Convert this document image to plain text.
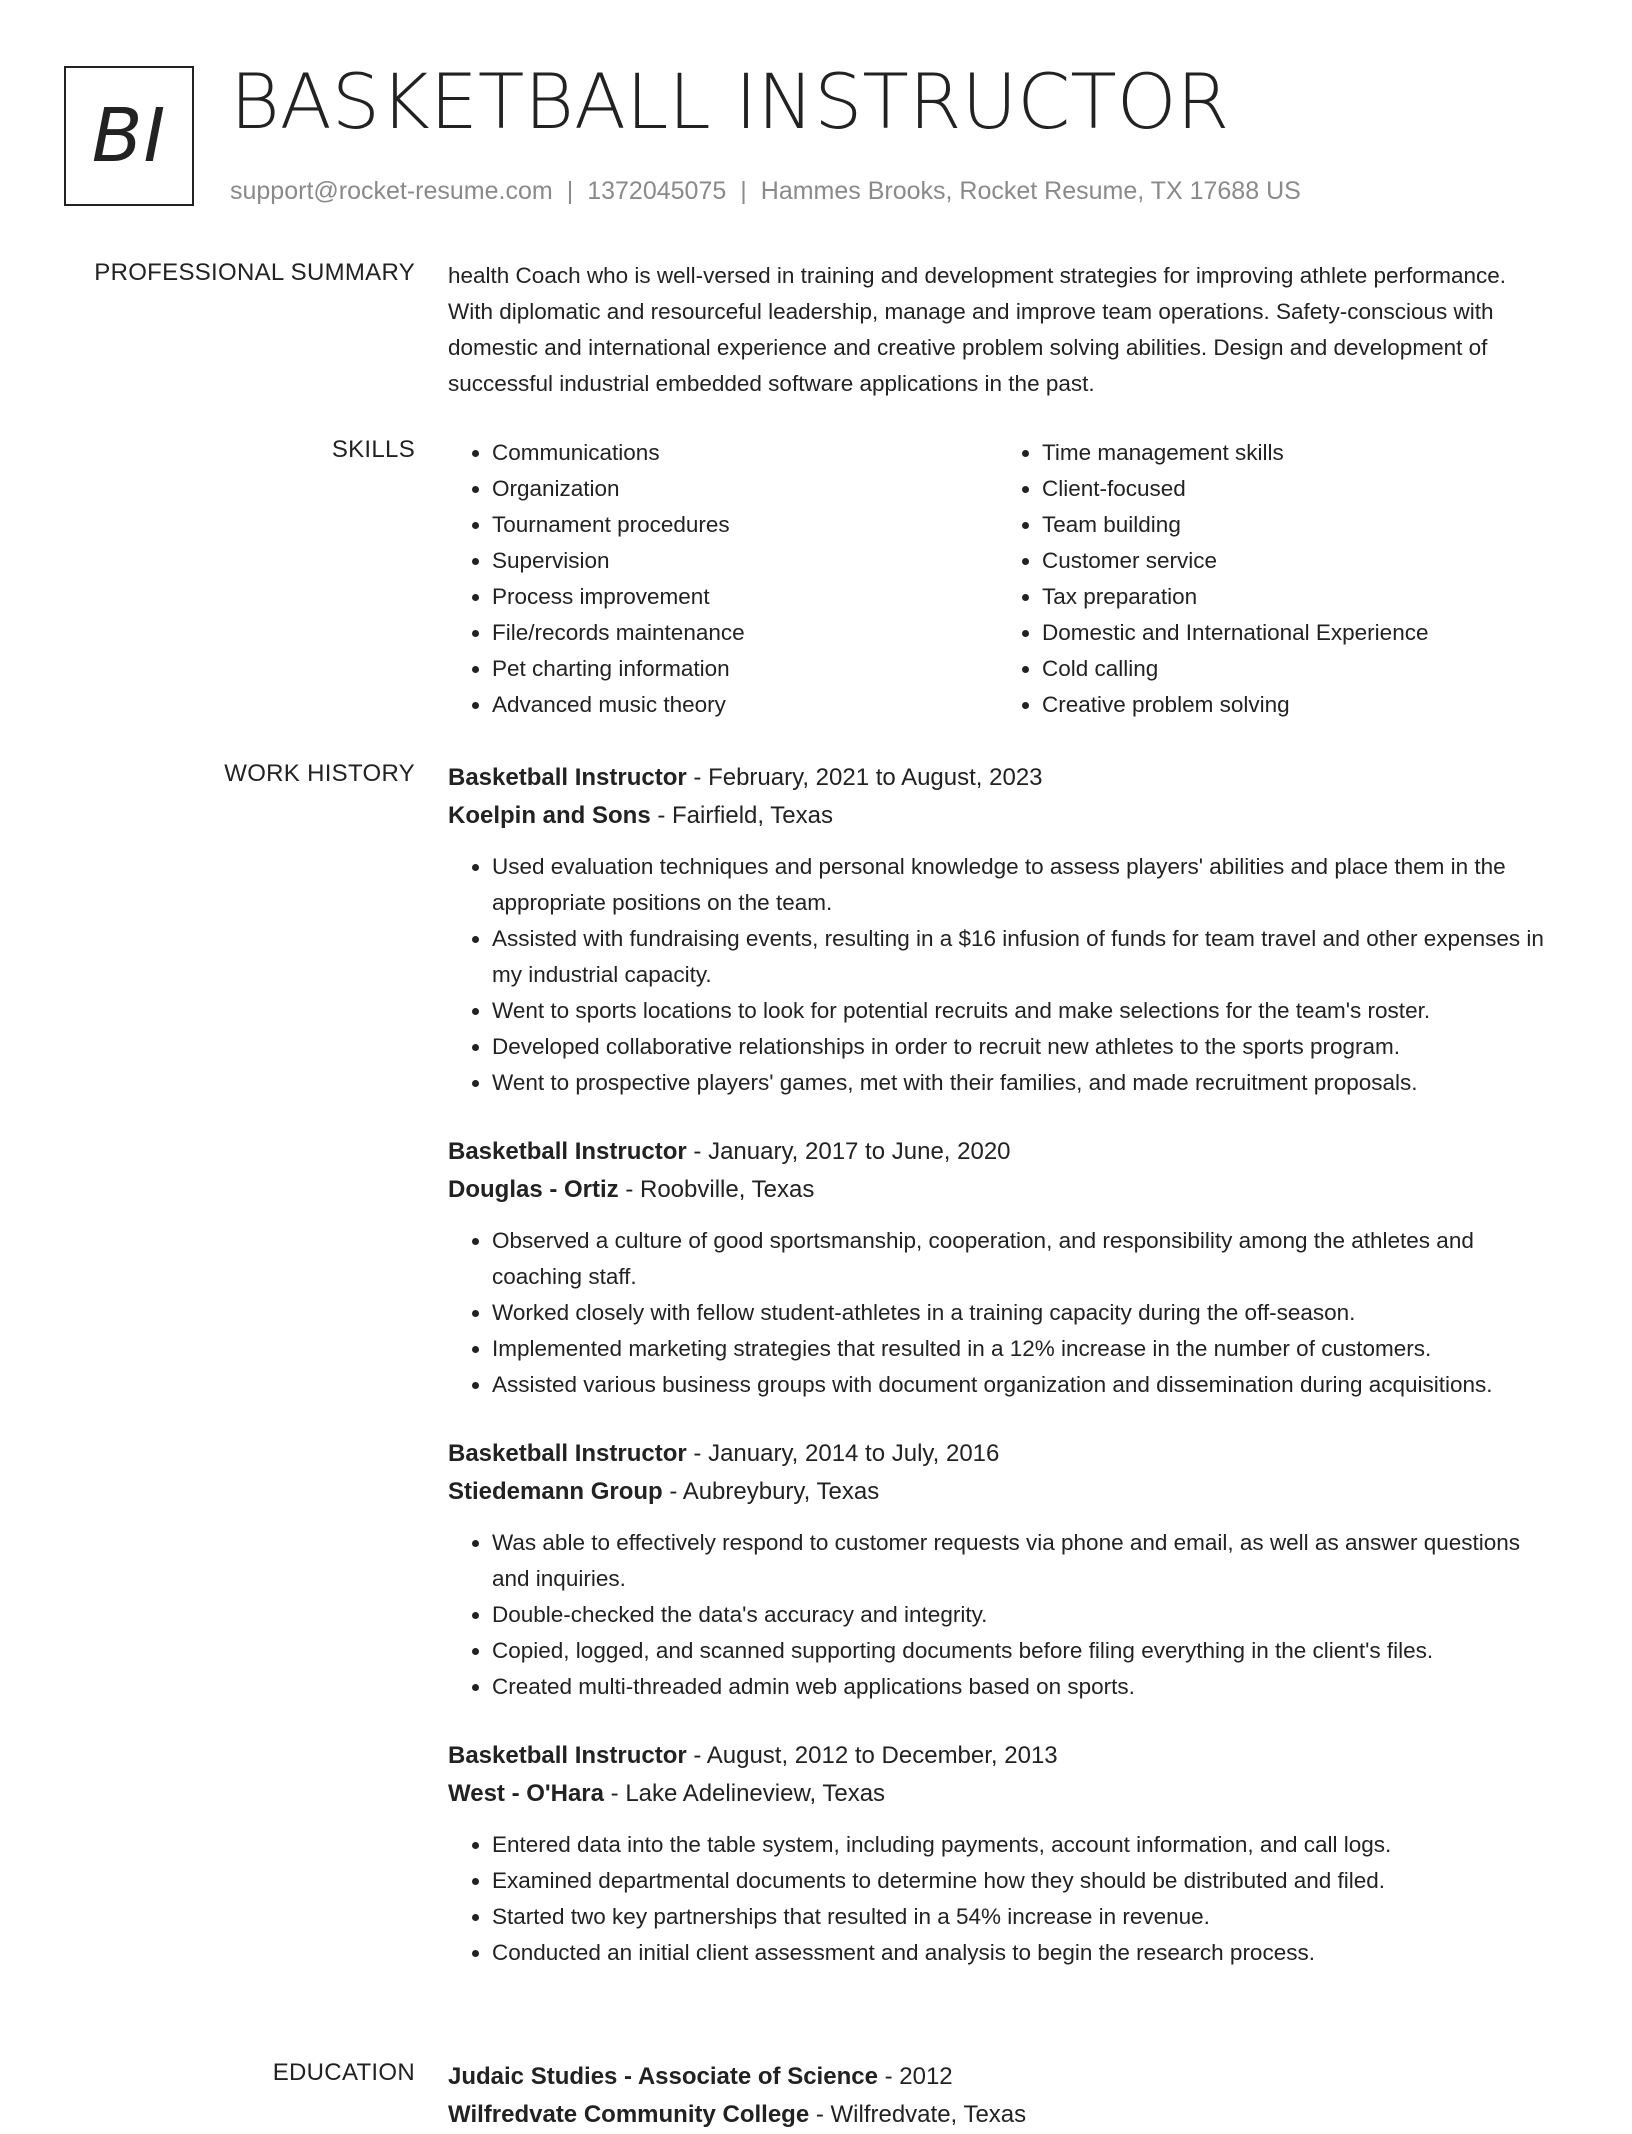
BI BASKETBALL INSTRUCTOR
support@rocket-resume.com | 1372045075 | Hammes Brooks, Rocket Resume, TX 17688 US
PROFESSIONAL SUMMARY health Coach who is well-versed in training and development strategies for improving athlete performance. With diplomatic and resourceful leadership, manage and improve team operations. Safety-conscious with domestic and international experience and creative problem solving abilities. Design and development of successful industrial embedded software applications in the past.

SKILLS
•	Communications
• Organization
• Tournament procedures
• Supervision
• Process improvement
• File/records maintenance
• Pet charting information
• Advanced music theory
• Time management skills
• Client-focused
• Team building
• Customer service
• Tax preparation
• Domestic and International Experience
• Cold calling
• Creative problem solving
WORK HISTORY Basketball Instructor - February, 2021 to August, 2023
Koelpin and Sons - Fairfield, Texas
• Used evaluation techniques and personal knowledge to assess players' abilities and place them in the appropriate positions on the team.
• Assisted with fundraising events, resulting in a $16 infusion of funds for team travel and other expenses in my industrial capacity.
• Went to sports locations to look for potential recruits and make selections for the team's roster.
• Developed collaborative relationships in order to recruit new athletes to the sports program.
• Went to prospective players' games, met with their families, and made recruitment proposals.
Basketball Instructor - January, 2017 to June, 2020
Douglas - Ortiz - Roobville, Texas
• Observed a culture of good sportsmanship, cooperation, and responsibility among the athletes and coaching staff.
• Worked closely with fellow student-athletes in a training capacity during the off-season.
• Implemented marketing strategies that resulted in a 12% increase in the number of customers.
• Assisted various business groups with document organization and dissemination during acquisitions.
Basketball Instructor - January, 2014 to July, 2016
Stiedemann Group - Aubreybury, Texas
• Was able to effectively respond to customer requests via phone and email, as well as answer questions and inquiries.
• Double-checked the data's accuracy and integrity.
• Copied, logged, and scanned supporting documents before filing everything in the client's files.
• Created multi-threaded admin web applications based on sports.
Basketball Instructor - August, 2012 to December, 2013
West - O'Hara - Lake Adelineview, Texas
• Entered data into the table system, including payments, account information, and call logs.
• Examined departmental documents to determine how they should be distributed and filed.
• Started two key partnerships that resulted in a 54% increase in revenue.
• Conducted an initial client assessment and analysis to begin the research process.
EDUCATION Judaic Studies - Associate of Science - 2012
Wilfredvate Community College - Wilfredvate, Texas
